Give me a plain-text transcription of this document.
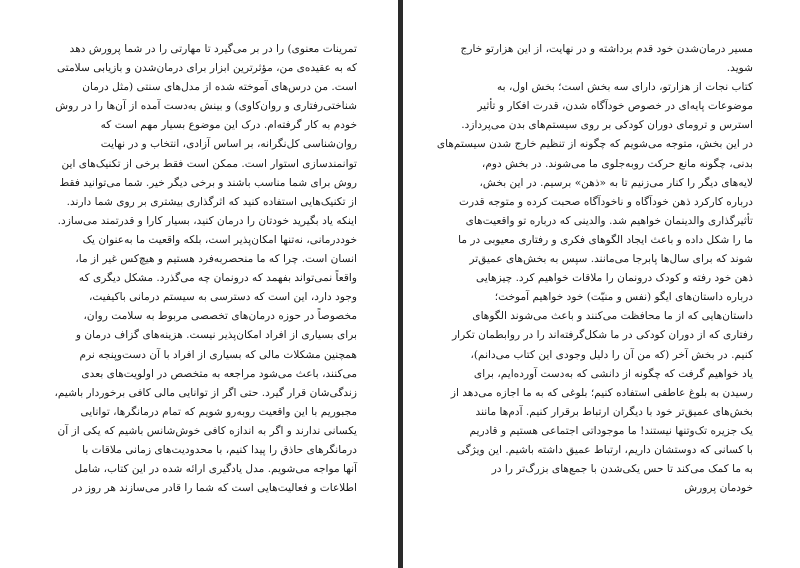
تمرینات معنوی) را در بر می‌گیرد تا مهارتی را در شما پرورش دهد
که به عقیده‌ی من، مؤثرترین ابزار برای درمان‌شدن و بازیابی سلامتی
است. من درس‌های آموخته شده از مدل‌های سنتی (مثل درمان
شناختی‌رفتاری و روان‌کاوی) و بینش به‌دست آمده از آن‌ها را در روش
خودم به کار گرفته‌ام. درک این موضوع بسیار مهم است که
روان‌شناسی کل‌نگرانه، بر اساس آزادی، انتخاب و در نهایت
توانمندسازی استوار است. ممکن است فقط برخی از تکنیک‌های این
روش برای شما مناسب باشند و برخی دیگر خیر. شما می‌توانید فقط
از تکنیک‌هایی استفاده کنید که اثرگذاری بیشتری بر روی شما دارند.
اینکه یاد بگیرید خودتان را درمان کنید، بسیار کارا و قدرتمند می‌سازد.
خوددرمانی، نه‌تنها امکان‌پذیر است، بلکه واقعیت ما به‌عنوان یک
انسان است. چرا که ما منحصربه‌فرد هستیم و هیچ‌کس غیر از ما،
واقعاً نمی‌تواند بفهمد که درونمان چه می‌گذرد. مشکل دیگری که
وجود دارد، این است که دسترسی به سیستم درمانی باکیفیت،
مخصوصاً در حوزه درمان‌های تخصصی مربوط به سلامت روان،
برای بسیاری از افراد امکان‌پذیر نیست. هزینه‌های گزاف درمان و
همچنین مشکلات مالی که بسیاری از افراد با آن دست‌وپنجه نرم
می‌کنند، باعث می‌شود مراجعه به متخصص در اولویت‌های بعدی
زندگی‌شان قرار گیرد. حتی اگر از توانایی مالی کافی برخوردار باشیم،
مجبوریم با این واقعیت روبه‌رو شویم که تمام درمانگرها، توانایی
یکسانی ندارند و اگر به اندازه کافی خوش‌شانس باشیم که یکی از آن
درمانگرهای حاذق را پیدا کنیم، با محدودیت‌های زمانی ملاقات با
آنها مواجه می‌شویم. مدل یادگیری ارائه شده در این کتاب، شامل
اطلاعات و فعالیت‌هایی است که شما را قادر می‌سازند هر روز در
مسیر درمان‌شدن خود قدم برداشته و در نهایت، از این هزارتو خارج
شوید.
کتاب نجات از هزارتو، دارای سه بخش است؛ بخش اول، به
موضوعات پایه‌ای در خصوص خودآگاه شدن، قدرت افکار و تأثیر
استرس و تروما‌ی دوران کودکی بر روی سیستم‌های بدن می‌پردازد.
در این بخش، متوجه می‌شویم که چگونه از تنظیم خارج شدن سیستم‌های
بدنی، چگونه مانع حرکت روبه‌جلوی ما می‌شوند. در بخش دوم،
لایه‌های دیگر را کنار می‌زنیم تا به «ذهن» برسیم. در این بخش،
درباره کارکرد ذهن خودآگاه و ناخودآگاه صحبت کرده و متوجه قدرت
تأثیرگذاری والدینمان خواهیم شد. والدینی که درباره تو واقعیت‌های
ما را شکل داده و باعث ایجاد الگوهای فکری و رفتاری معیوبی در ما
شوند که برای سال‌ها پابرجا می‌مانند. سپس به بخش‌های عمیق‌تر
ذهن خود رفته و کودک درونمان را ملاقات خواهیم کرد. چیزهایی
درباره داستان‌های ایگو (نفس و منیّت) خود خواهیم آموخت؛
داستان‌هایی که از ما محافظت می‌کنند و باعث می‌شوند الگوهای
رفتاری که از دوران کودکی در ما شکل‌گرفته‌اند را در روابطمان تکرار
کنیم. در بخش آخر (که من آن را دلیل وجودی این کتاب می‌دانم)،
یاد خواهیم گرفت که چگونه از دانشی که به‌دست آورده‌ایم، برای
رسیدن به بلوغ عاطفی استفاده کنیم؛ بلوغی که به ما اجازه می‌دهد از
بخش‌های عمیق‌تر خود با دیگران ارتباط برقرار کنیم. آدم‌ها مانند
یک جزیره تک‌وتنها نیستند! ما موجوداتی اجتماعی هستیم و قادریم
با کسانی که دوستشان داریم، ارتباط عمیق داشته باشیم. این ویژگی
به ما کمک می‌کند تا حس یکی‌شدن با جمع‌های بزرگ‌تر را در
خودمان پرورش
